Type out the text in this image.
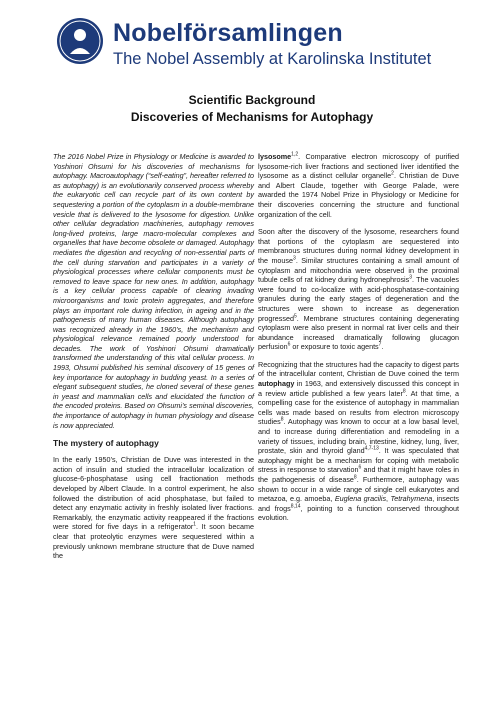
Nobelförsamlingen
The Nobel Assembly at Karolinska Institutet
Scientific Background
Discoveries of Mechanisms for Autophagy

The 2016 Nobel Prize in Physiology or Medicine is awarded to Yoshinori Ohsumi for his discoveries of mechanisms for autophagy. Macroautophagy (“self-eating”, hereafter referred to as autophagy) is an evolutionarily conserved process whereby the eukaryotic cell can recycle part of its own content by sequestering a portion of the cytoplasm in a double-membrane vesicle that is delivered to the lysosome for digestion. Unlike other cellular degradation machineries, autophagy removes long-lived proteins, large macro-molecular complexes and organelles that have become obsolete or damaged. Autophagy mediates the digestion and recycling of non-essential parts of the cell during starvation and participates in a variety of physiological processes where cellular components must be removed to leave space for new ones. In addition, autophagy is a key cellular process capable of clearing invading microorganisms and toxic protein aggregates, and therefore plays an important role during infection, in ageing and in the pathogenesis of many human diseases. Although autophagy was recognized already in the 1960’s, the mechanism and physiological relevance remained poorly understood for decades. The work of Yoshinori Ohsumi dramatically transformed the understanding of this vital cellular process. In 1993, Ohsumi published his seminal discovery of 15 genes of key importance for autophagy in budding yeast. In a series of elegant subsequent studies, he cloned several of these genes in yeast and mammalian cells and elucidated the function of the encoded proteins. Based on Ohsumi’s seminal discoveries, the importance of autophagy in human physiology and disease is now appreciated.

The mystery of autophagy

In the early 1950’s, Christian de Duve was interested in the action of insulin and studied the intracellular localization of glucose-6-phosphatase using cell fractionation methods developed by Albert Claude. In a control experiment, he also followed the distribution of acid phosphatase, but failed to detect any enzymatic activity in freshly isolated liver fractions. Remarkably, the enzymatic activity reappeared if the fractions were stored for five days in a refrigerator$^1$. It soon became clear that proteolytic enzymes were sequestered within a previously unknown membrane structure that de Duve named the

lysosome$^{1,2}$. Comparative electron microscopy of purified lysosome-rich liver fractions and sectioned liver identified the lysosome as a distinct cellular organelle$^2$. Christian de Duve and Albert Claude, together with George Palade, were awarded the 1974 Nobel Prize in Physiology or Medicine for their discoveries concerning the structure and functional organization of the cell.

Soon after the discovery of the lysosome, researchers found that portions of the cytoplasm are sequestered into membranous structures during normal kidney development in the mouse$^3$. Similar structures containing a small amount of cytoplasm and mitochondria were observed in the proximal tubule cells of rat kidney during hydronephrosis$^3$. The vacuoles were found to co-localize with acid-phosphatase-containing granules during the early stages of degeneration and the structures were shown to increase as degeneration progressed$^5$. Membrane structures containing degenerating cytoplasm were also present in normal rat liver cells and their abundance increased dramatically following glucagon perfusion$^6$ or exposure to toxic agents$^7$.

Recognizing that the structures had the capacity to digest parts of the intracellular content, Christian de Duve coined the term autophagy in 1963, and extensively discussed this concept in a review article published a few years later$^8$. At that time, a compelling case for the existence of autophagy in mammalian cells was made based on results from electron microscopy studies$^8$. Autophagy was known to occur at a low basal level, and to increase during differentiation and remodeling in a variety of tissues, including brain, intestine, kidney, lung, liver, prostate, skin and thyroid gland$^{4,7-13}$. It was speculated that autophagy might be a mechanism for coping with metabolic stress in response to starvation$^6$ and that it might have roles in the pathogenesis of disease$^8$. Furthermore, autophagy was shown to occur in a wide range of single cell eukaryotes and metazoa, e.g. amoeba, Euglena gracilis, Tetrahymena, insects and frogs$^{8,14}$, pointing to a function conserved throughout evolution.
